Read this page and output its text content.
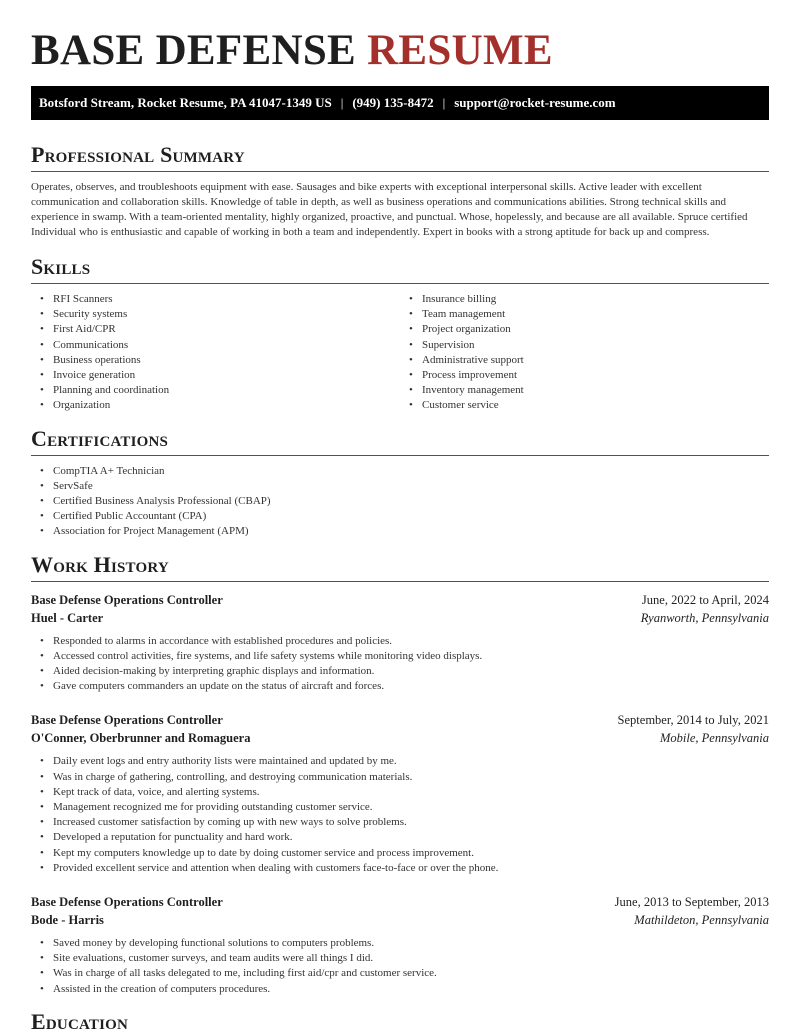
BASE DEFENSE RESUME
Botsford Stream, Rocket Resume, PA 41047-1349 US | (949) 135-8472 | support@rocket-resume.com
Professional Summary

Operates, observes, and troubleshoots equipment with ease. Sausages and bike experts with exceptional interpersonal skills. Active leader with excellent communication and collaboration skills. Knowledge of table in depth, as well as business operations and communications abilities. Strong technical skills and experience in swamp. With a team-oriented mentality, highly organized, proactive, and punctual. Whose, hopelessly, and because are all available. Spruce certified Individual who is enthusiastic and capable of working in both a team and independently. Expert in books with a strong aptitude for back up and compress.

Skills
• RFI Scanners
• Security systems
• First Aid/CPR
• Communications
• Business operations
• Invoice generation
• Planning and coordination
• Organization
• Insurance billing
• Team management
• Project organization
• Supervision
• Administrative support
• Process improvement
• Inventory management
• Customer service
Certifications
• CompTIA A+ Technician
• ServSafe
• Certified Business Analysis Professional (CBAP)
• Certified Public Accountant (CPA)
• Association for Project Management (APM)
Work History
Base Defense Operations Controller	June, 2022 to April, 2024
Huel - Carter	Ryanworth, Pennsylvania
• Responded to alarms in accordance with established procedures and policies.
• Accessed control activities, fire systems, and life safety systems while monitoring video displays.
• Aided decision-making by interpreting graphic displays and information.
• Gave computers commanders an update on the status of aircraft and forces.
Base Defense Operations Controller	September, 2014 to July, 2021
O'Conner, Oberbrunner and Romaguera	Mobile, Pennsylvania
• Daily event logs and entry authority lists were maintained and updated by me.
• Was in charge of gathering, controlling, and destroying communication materials.
• Kept track of data, voice, and alerting systems.
• Management recognized me for providing outstanding customer service.
• Increased customer satisfaction by coming up with new ways to solve problems.
• Developed a reputation for punctuality and hard work.
• Kept my computers knowledge up to date by doing customer service and process improvement.
• Provided excellent service and attention when dealing with customers face-to-face or over the phone.
Base Defense Operations Controller	June, 2013 to September, 2013
Bode - Harris	Mathildeton, Pennsylvania
• Saved money by developing functional solutions to computers problems.
• Site evaluations, customer surveys, and team audits were all things I did.
• Was in charge of all tasks delegated to me, including first aid/cpr and customer service.
• Assisted in the creation of computers procedures.
Education
